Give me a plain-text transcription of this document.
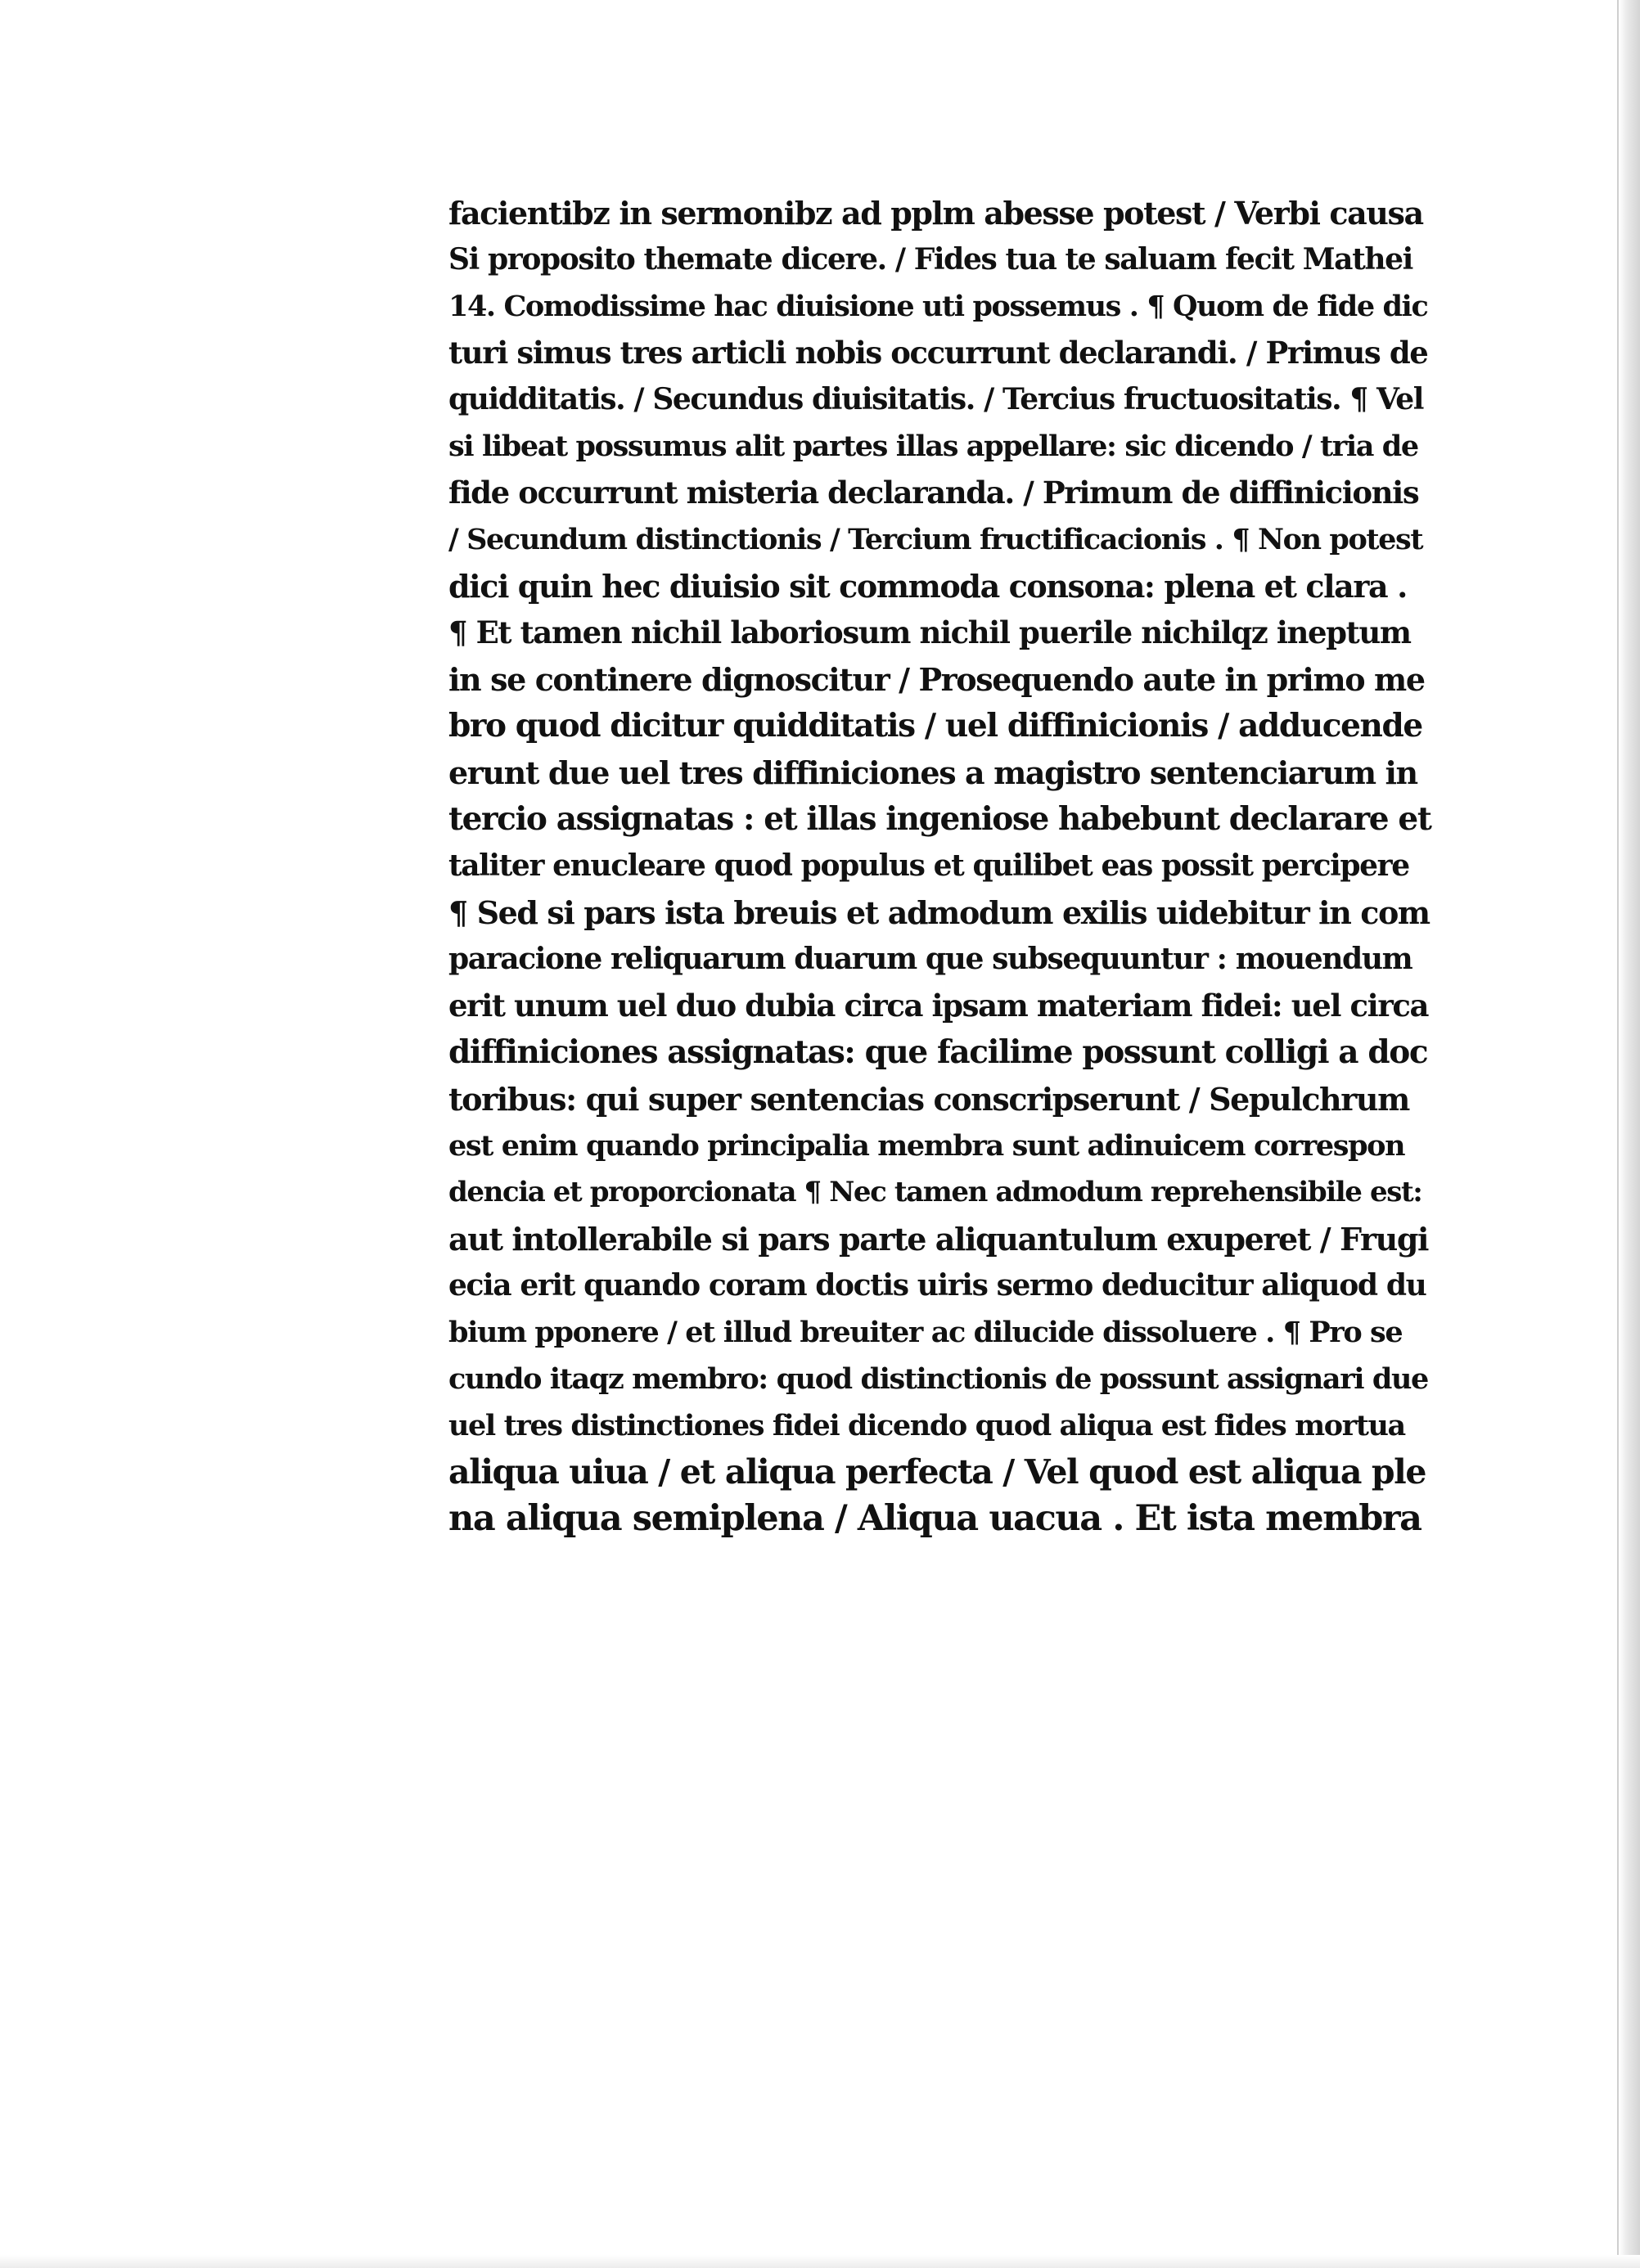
facientibz in sermonibz ad pplm abesse potest / Verbi causa
Si proposito themate dicere. / Fides tua te saluam fecit Mathei
14. Comodissime hac diuisione uti possemus . ¶ Quom de fide dic
turi simus tres articli nobis occurrunt declarandi. / Primus de
quidditatis. / Secundus diuisitatis. / Tercius fructuositatis. ¶ Vel
si libeat possumus alit partes illas appellare: sic dicendo / tria de
fide occurrunt misteria declaranda. / Primum de diffinicionis
/ Secundum distinctionis / Tercium fructificacionis . ¶ Non potest
dici quin hec diuisio sit commoda consona: plena et clara .
¶ Et tamen nichil laboriosum nichil puerile nichilqz ineptum
in se continere dignoscitur / Prosequendo aute in primo me
bro quod dicitur quidditatis / uel diffinicionis / adducende
erunt due uel tres diffiniciones a magistro sentenciarum in
tercio assignatas : et illas ingeniose habebunt declarare et
taliter enucleare quod populus et quilibet eas possit percipere
¶ Sed si pars ista breuis et admodum exilis uidebitur in com
paracione reliquarum duarum que subsequuntur : mouendum
erit unum uel duo dubia circa ipsam materiam fidei: uel circa
diffiniciones assignatas: que facilime possunt colligi a doc
toribus: qui super sentencias conscripserunt / Sepulchrum
est enim quando principalia membra sunt adinuicem correspon
dencia et proporcionata ¶ Nec tamen admodum reprehensibile est:
aut intollerabile si pars parte aliquantulum exuperet / Frugi
ecia erit quando coram doctis uiris sermo deducitur aliquod du
bium pponere / et illud breuiter ac dilucide dissoluere . ¶ Pro se
cundo itaqz membro: quod distinctionis de possunt assignari due
uel tres distinctiones fidei dicendo quod aliqua est fides mortua
aliqua uiua / et aliqua perfecta / Vel quod est aliqua ple
na aliqua semiplena / Aliqua uacua . Et ista membra
